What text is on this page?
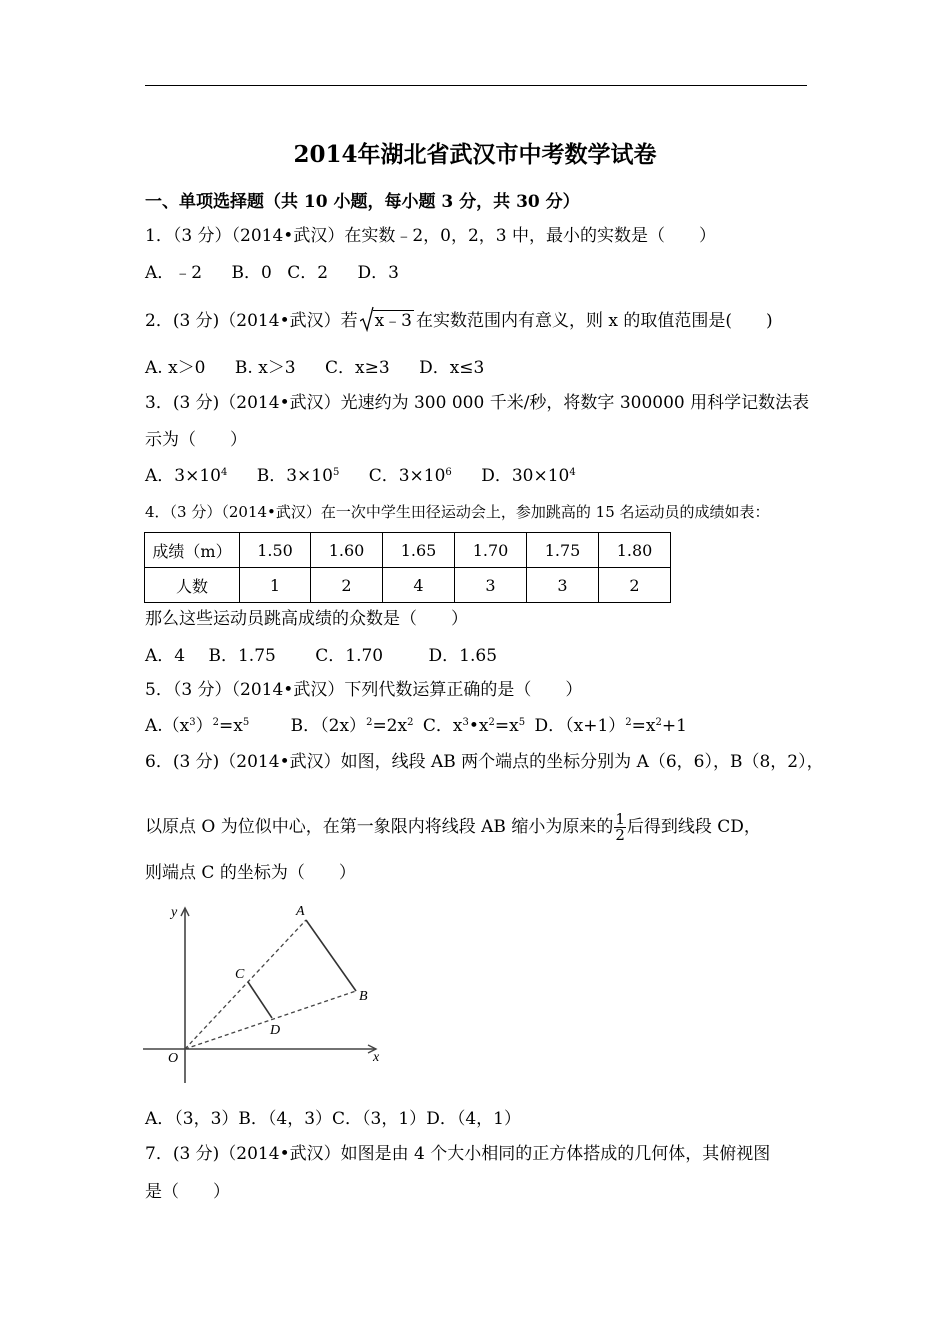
2014年湖北省武汉市中考数学试卷
一、单项选择题（共 10 小题，每小题 3 分，共 30 分）
1．（3 分）（2014•武汉）在实数﹣2，0，2，3 中，最小的实数是（　　）
A．﹣2 B．0 C．2 D．3
2．(3 分)（2014•武汉）若 x﹣3 在实数范围内有意义，则 x 的取值范围是(　　)
A. x＞0 B. x＞3 C．x≥3 D．x≤3
3．(3 分)（2014•武汉）光速约为 300 000 千米/秒，将数字 300000 用科学记数法表
示为（　　）
A．$3\times 10^4$ B．$3\times 10^5$ C．$3\times 10^6$ D．$30\times 10^4$
4．（3 分）（2014•武汉）在一次中学生田径运动会上，参加跳高的 15 名运动员的成绩如表：
成绩（m）	1.50	1.60	1.65	1.70	1.75	1.80
人数	1	2	4	3	3	2
那么这些运动员跳高成绩的众数是（　　）
A．4 B．1.75 C．1.70	D．1.65
5．（3 分）（2014•武汉）下列代数运算正确的是（　　）
$A.(x^3)^2=x^5$ B．$(2x)^2=2x^2$ C．$x^3•x^2=x^5$ D．$(x+1)^2=x^2+1$
6．(3 分)（2014•武汉）如图，线段 AB 两个端点的坐标分别为 A（6，6），B（8，2），
以原点 O 为位似中心，在第一象限内将线段 AB 缩小为原来的 $\frac{1}{2}$ 后得到线段 CD，
则端点 C 的坐标为（　　）
y
x
O
A
B
C
D
A．（3，3）B．（4，3）C．（3，1）D．（4，1）
7．(3 分)（2014•武汉）如图是由 4 个大小相同的正方体搭成的几何体，其俯视图
是（　　）
